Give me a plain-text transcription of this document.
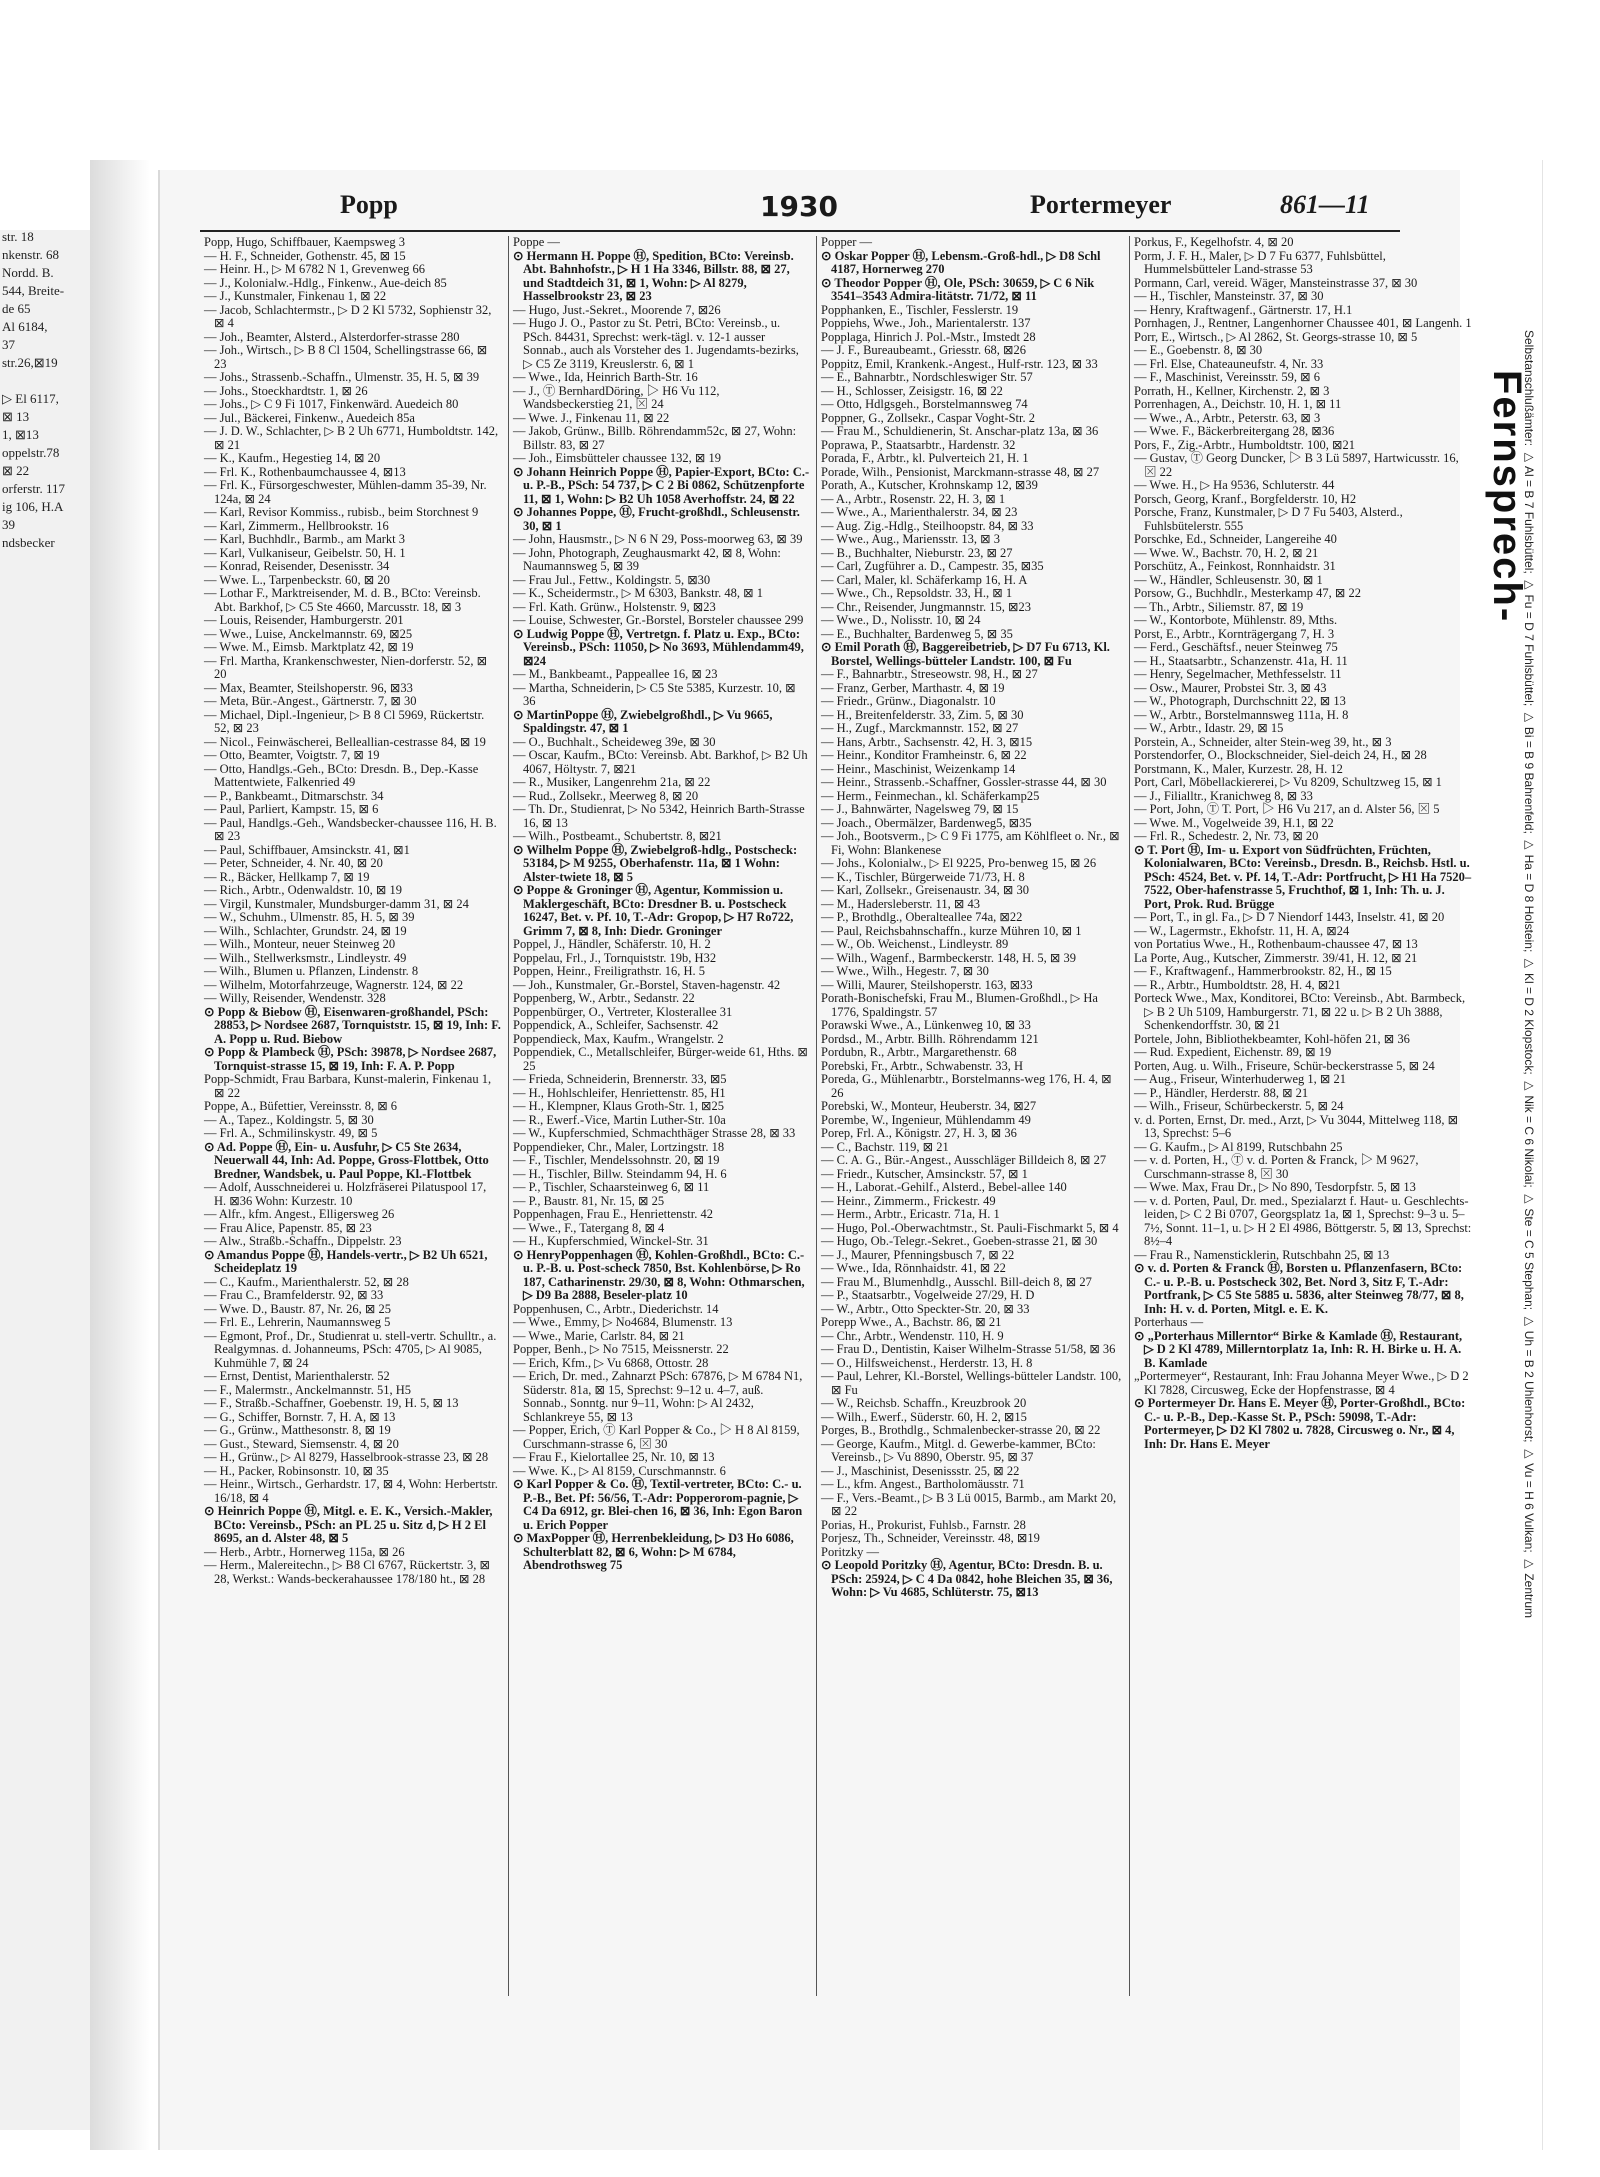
str. 18
nkenstr. 68
Nordd. B.
544, Breite-
de 65
Al 6184,
37
str.26,⊠19
▷ El 6117,
⊠ 13
1, ⊠13
oppelstr.78
⊠ 22
orferstr. 117
ig 106, H.A
39
ndsbecker
Popp	1930	Portermeyer	861—11
Popp, Hugo, Schiffbauer, Kaempsweg 3
— H. F., Schneider, Gothenstr. 45, ⊠ 15
— Heinr. H., ▷ M 6782 N 1, Grevenweg 66
— J., Kolonialw.-Hdlg., Finkenw., Aue-deich 85
— J., Kunstmaler, Finkenau 1, ⊠ 22
— Jacob, Schlachtermstr., ▷ D 2 Kl 5732, Sophienstr 32, ⊠ 4
— Joh., Beamter, Alsterd., Alsterdorfer-strasse 280
— Joh., Wirtsch., ▷ B 8 Cl 1504, Schellingstrasse 66, ⊠ 23
— Johs., Strassenb.-Schaffn., Ulmenstr. 35, H. 5, ⊠ 39
— Johs., Stoeckhardtstr. 1, ⊠ 26
— Johs., ▷ C 9 Fi 1017, Finkenwärd. Auedeich 80
— Jul., Bäckerei, Finkenw., Auedeich 85a
— J. D. W., Schlachter, ▷ B 2 Uh 6771, Humboldtstr. 142, ⊠ 21
— K., Kaufm., Hegestieg 14, ⊠ 20
— Frl. K., Rothenbaumchaussee 4, ⊠13
— Frl. K., Fürsorgeschwester, Mühlen-damm 35-39, Nr. 124a, ⊠ 24
— Karl, Revisor Kommiss., rubisb., beim Storchnest 9
— Karl, Zimmerm., Hellbrookstr. 16
— Karl, Buchhdlr., Barmb., am Markt 3
— Karl, Vulkaniseur, Geibelstr. 50, H. 1
— Konrad, Reisender, Desenisstr. 34
— Wwe. L., Tarpenbeckstr. 60, ⊠ 20
— Lothar F., Marktreisender, M. d. B., BCto: Vereinsb. Abt. Barkhof, ▷ C5 Ste 4660, Marcusstr. 18, ⊠ 3
— Louis, Reisender, Hamburgerstr. 201
— Wwe., Luise, Anckelmannstr. 69, ⊠25
— Wwe. M., Eimsb. Marktplatz 42, ⊠ 19
— Frl. Martha, Krankenschwester, Nien-dorferstr. 52, ⊠ 20
— Max, Beamter, Steilshoperstr. 96, ⊠33
— Meta, Bür.-Angest., Gärtnerstr. 7, ⊠ 30
— Michael, Dipl.-Ingenieur, ▷ B 8 Cl 5969, Rückertstr. 52, ⊠ 23
— Nicol., Feinwäscherei, Belleallian-cestrasse 84, ⊠ 19
— Otto, Beamter, Voigtstr. 7, ⊠ 19
— Otto, Handlgs.-Geh., BCto: Dresdn. B., Dep.-Kasse Mattentwiete, Falkenried 49
— P., Bankbeamt., Ditmarschstr. 34
— Paul, Parliert, Kampstr. 15, ⊠ 6
— Paul, Handlgs.-Geh., Wandsbecker-chaussee 116, H. B. ⊠ 23
— Paul, Schiffbauer, Amsinckstr. 41, ⊠1
— Peter, Schneider, 4. Nr. 40, ⊠ 20
— R., Bäcker, Hellkamp 7, ⊠ 19
— Rich., Arbtr., Odenwaldstr. 10, ⊠ 19
— Virgil, Kunstmaler, Mundsburger-damm 31, ⊠ 24
— W., Schuhm., Ulmenstr. 85, H. 5, ⊠ 39
— Wilh., Schlachter, Grundstr. 24, ⊠ 19
— Wilh., Monteur, neuer Steinweg 20
— Wilh., Stellwerksmstr., Lindleystr. 49
— Wilh., Blumen u. Pflanzen, Lindenstr. 8
— Wilhelm, Motorfahrzeuge, Wagnerstr. 124, ⊠ 22
— Willy, Reisender, Wendenstr. 328
⊙ Popp & Biebow Ⓗ, Eisenwaren-großhandel, PSch: 28853, ▷ Nordsee 2687, Tornquiststr. 15, ⊠ 19, Inh: F. A. Popp u. Rud. Biebow
⊙ Popp & Plambeck Ⓗ, PSch: 39878, ▷ Nordsee 2687, Tornquist-strasse 15, ⊠ 19, Inh: F. A. P. Popp
Popp-Schmidt, Frau Barbara, Kunst-malerin, Finkenau 1, ⊠ 22
Poppe, A., Büfettier, Vereinsstr. 8, ⊠ 6
— A., Tapez., Koldingstr. 5, ⊠ 30
— Frl. A., Schmilinskystr. 49, ⊠ 5
⊙ Ad. Poppe Ⓗ, Ein- u. Ausfuhr, ▷ C5 Ste 2634, Neuerwall 44, Inh: Ad. Poppe, Gross-Flottbek, Otto Bredner, Wandsbek, u. Paul Poppe, Kl.-Flottbek
— Adolf, Ausschneiderei u. Holzfräserei Pilatuspool 17, H. ⊠36 Wohn: Kurzestr. 10
— Alfr., kfm. Angest., Elligersweg 26
— Frau Alice, Papenstr. 85, ⊠ 23
— Alw., Straßb.-Schaffn., Dippelstr. 23
⊙ Amandus Poppe Ⓗ, Handels-vertr., ▷ B2 Uh 6521, Scheideplatz 19
— C., Kaufm., Marienthalerstr. 52, ⊠ 28
— Frau C., Bramfelderstr. 92, ⊠ 33
— Wwe. D., Baustr. 87, Nr. 26, ⊠ 25
— Frl. E., Lehrerin, Naumannsweg 5
— Egmont, Prof., Dr., Studienrat u. stell-vertr. Schulltr., a. Realgymnas. d. Johanneums, PSch: 4705, ▷ Al 9085, Kuhmühle 7, ⊠ 24
— Ernst, Dentist, Marienthalerstr. 52
— F., Malermstr., Anckelmannstr. 51, H5
— F., Straßb.-Schaffner, Goebenstr. 19, H. 5, ⊠ 13
— G., Schiffer, Bornstr. 7, H. A, ⊠ 13
— G., Grünw., Matthesonstr. 8, ⊠ 19
— Gust., Steward, Siemsenstr. 4, ⊠ 20
— H., Grünw., ▷ Al 8279, Hasselbrook-strasse 23, ⊠ 28
— H., Packer, Robinsonstr. 10, ⊠ 35
— Heinr., Wirtsch., Gerhardstr. 17, ⊠ 4, Wohn: Herbertstr. 16/18, ⊠ 4
⊙ Heinrich Poppe Ⓗ, Mitgl. e. E. K., Versich.-Makler, BCto: Vereinsb., PSch: an PL 25 u. Sitz d, ▷ H 2 El 8695, an d. Alster 48, ⊠ 5
— Herb., Arbtr., Hornerweg 115a, ⊠ 26
— Herm., Malereitechn., ▷ B8 Cl 6767, Rückertstr. 3, ⊠ 28, Werkst.: Wands-beckerahaussee 178/180 ht., ⊠ 28
Poppe —
⊙ Hermann H. Poppe Ⓗ, Spedition, BCto: Vereinsb. Abt. Bahnhofstr., ▷ H 1 Ha 3346, Billstr. 88, ⊠ 27, und Stadtdeich 31, ⊠ 1, Wohn: ▷ Al 8279, Hasselbrookstr 23, ⊠ 23
— Hugo, Just.-Sekret., Moorende 7, ⊠26
— Hugo J. O., Pastor zu St. Petri, BCto: Vereinsb., u. PSch. 84431, Sprechst: werk-tägl. v. 12-1 ausser Sonnab., auch als Vorsteher des 1. Jugendamts-bezirks, ▷ C5 Ze 3119, Kreuslerstr. 6, ⊠ 1
— Wwe., Ida, Heinrich Barth-Str. 16
— J., Ⓣ BernhardDöring, ▷ H6 Vu 112, Wandsbeckerstieg 21, ⊠ 24
— Wwe. J., Finkenau 11, ⊠ 22
— Jakob, Grünw., Billb. Röhrendamm52c, ⊠ 27, Wohn: Billstr. 83, ⊠ 27
— Joh., Eimsbütteler chaussee 132, ⊠ 19
⊙ Johann Heinrich Poppe Ⓗ, Papier-Export, BCto: C.- u. P.-B., PSch: 54 737, ▷ C 2 Bi 0862, Schützenpforte 11, ⊠ 1, Wohn: ▷ B2 Uh 1058 Averhoffstr. 24, ⊠ 22
⊙ Johannes Poppe, Ⓗ, Frucht-großhdl., Schleusenstr. 30, ⊠ 1
— John, Hausmstr., ▷ N 6 N 29, Poss-moorweg 63, ⊠ 39
— John, Photograph, Zeughausmarkt 42, ⊠ 8, Wohn: Naumannsweg 5, ⊠ 39
— Frau Jul., Fettw., Koldingstr. 5, ⊠30
— K., Scheidermstr., ▷ M 6303, Bankstr. 48, ⊠ 1
— Frl. Kath. Grünw., Holstenstr. 9, ⊠23
— Louise, Schwester, Gr.-Borstel, Borsteler chaussee 299
⊙ Ludwig Poppe Ⓗ, Vertretgn. f. Platz u. Exp., BCto: Vereinsb., PSch: 11050, ▷ No 3693, Mühlendamm49, ⊠24
— M., Bankbeamt., Pappeallee 16, ⊠ 23
— Martha, Schneiderin, ▷ C5 Ste 5385, Kurzestr. 10, ⊠ 36
⊙ MartinPoppe Ⓗ, Zwiebelgroßhdl., ▷ Vu 9665, Spaldingstr. 47, ⊠ 1
— O., Buchhalt., Scheideweg 39e, ⊠ 30
— Oscar, Kaufm., BCto: Vereinsb. Abt. Barkhof, ▷ B2 Uh 4067, Höltystr. 7, ⊠21
— R., Musiker, Langenrehm 21a, ⊠ 22
— Rud., Zollsekr., Meerweg 8, ⊠ 20
— Th. Dr., Studienrat, ▷ No 5342, Heinrich Barth-Strasse 16, ⊠ 13
— Wilh., Postbeamt., Schubertstr. 8, ⊠21
⊙ Wilhelm Poppe Ⓗ, Zwiebelgroß-hdlg., Postscheck: 53184, ▷ M 9255, Oberhafenstr. 11a, ⊠ 1 Wohn: Alster-twiete 18, ⊠ 5
⊙ Poppe & Groninger Ⓗ, Agentur, Kommission u. Maklergeschäft, BCto: Dresdner B. u. Postscheck 16247, Bet. v. Pf. 10, T.-Adr: Gropop, ▷ H7 Ro722, Grimm 7, ⊠ 8, Inh: Diedr. Groninger
Poppel, J., Händler, Schäferstr. 10, H. 2
Poppelau, Frl., J., Tornquiststr. 19b, H32
Poppen, Heinr., Freiligrathstr. 16, H. 5
— Joh., Kunstmaler, Gr.-Borstel, Staven-hagenstr. 42
Poppenberg, W., Arbtr., Sedanstr. 22
Poppenbürger, O., Vertreter, Klosterallee 31
Poppendick, A., Schleifer, Sachsenstr. 42
Poppendieck, Max, Kaufm., Wrangelstr. 2
Poppendiek, C., Metallschleifer, Bürger-weide 61, Hths. ⊠ 25
— Frieda, Schneiderin, Brennerstr. 33, ⊠5
— H., Hohlschleifer, Henriettenstr. 85, H1
— H., Klempner, Klaus Groth-Str. 1, ⊠25
— R., Ewerf.-Vice, Martin Luther-Str. 10a
— W., Kupferschmied, Schmachthäger Strasse 28, ⊠ 33
Poppendieker, Chr., Maler, Lortzingstr. 18
— F., Tischler, Mendelssohnstr. 20, ⊠ 19
— H., Tischler, Billw. Steindamm 94, H. 6
— P., Tischler, Schaarsteinweg 6, ⊠ 11
— P., Baustr. 81, Nr. 15, ⊠ 25
Poppenhagen, Frau E., Henriettenstr. 42
— Wwe., F., Tatergang 8, ⊠ 4
— H., Kupferschmied, Winckel-Str. 31
⊙ HenryPoppenhagen Ⓗ, Kohlen-Großhdl., BCto: C.- u. P.-B. u. Post-scheck 7850, Bst. Kohlenbörse, ▷ Ro 187, Catharinenstr. 29/30, ⊠ 8, Wohn: Othmarschen, ▷ D9 Ba 2888, Beseler-platz 10
Poppenhusen, C., Arbtr., Diederichstr. 14
— Wwe., Emmy, ▷ No4684, Blumenstr. 13
— Wwe., Marie, Carlstr. 84, ⊠ 21
Popper, Benh., ▷ No 7515, Meissnerstr. 22
— Erich, Kfm., ▷ Vu 6868, Ottostr. 28
— Erich, Dr. med., Zahnarzt PSch: 67876, ▷ M 6784 N1, Süderstr. 81a, ⊠ 15, Sprechst: 9–12 u. 4–7, auß. Sonnab., Sonntg. nur 9–11, Wohn: ▷ Al 2432, Schlankreye 55, ⊠ 13
— Popper, Erich, Ⓣ Karl Popper & Co., ▷ H 8 Al 8159, Curschmann-strasse 6, ⊠ 30
— Frau F., Kielortallee 25, Nr. 10, ⊠ 13
— Wwe. K., ▷ Al 8159, Curschmannstr. 6
⊙ Karl Popper & Co. Ⓗ, Textil-vertreter, BCto: C.- u. P.-B., Bet. Pf: 56/56, T.-Adr: Popperorom-pagnie, ▷ C4 Da 6912, gr. Blei-chen 16, ⊠ 36, Inh: Egon Baron u. Erich Popper
⊙ MaxPopper Ⓗ, Herrenbekleidung, ▷ D3 Ho 6086, Schulterblatt 82, ⊠ 6, Wohn: ▷ M 6784, Abendrothsweg 75
Popper —
⊙ Oskar Popper Ⓗ, Lebensm.-Groß-hdl., ▷ D8 Schl 4187, Hornerweg 270
⊙ Theodor Popper Ⓗ, Ole, PSch: 30659, ▷ C 6 Nik 3541–3543 Admira-litätstr. 71/72, ⊠ 11
Popphanken, E., Tischler, Fesslerstr. 19
Poppiehs, Wwe., Joh., Marientalerstr. 137
Popplaga, Hinrich J. Pol.-Mstr., Imstedt 28
— J. F., Bureaubeamt., Griesstr. 68, ⊠26
Poppitz, Emil, Krankenk.-Angest., Hulf-rstr. 123, ⊠ 33
— E., Bahnarbtr., Nordschleswiger Str. 57
— H., Schlosser, Zeisigstr. 16, ⊠ 22
— Otto, Hdlgsgeh., Borstelmannsweg 74
Poppner, G., Zollsekr., Caspar Voght-Str. 2
— Frau M., Schuldienerin, St. Anschar-platz 13a, ⊠ 36
Poprawa, P., Staatsarbtr., Hardenstr. 32
Porada, F., Arbtr., kl. Pulverteich 21, H. 1
Porade, Wilh., Pensionist, Marckmann-strasse 48, ⊠ 27
Porath, A., Kutscher, Krohnskamp 12, ⊠39
— A., Arbtr., Rosenstr. 22, H. 3, ⊠ 1
— Wwe., A., Marienthalerstr. 34, ⊠ 23
— Aug. Zig.-Hdlg., Steilhoopstr. 84, ⊠ 33
— Wwe., Aug., Mariensstr. 13, ⊠ 3
— B., Buchhalter, Nieburstr. 23, ⊠ 27
— Carl, Zugführer a. D., Campestr. 35, ⊠35
— Carl, Maler, kl. Schäferkamp 16, H. A
— Wwe., Ch., Repsoldstr. 33, H., ⊠ 1
— Chr., Reisender, Jungmannstr. 15, ⊠23
— Wwe., D., Nolisstr. 10, ⊠ 24
— E., Buchhalter, Bardenweg 5, ⊠ 35
⊙ Emil Porath Ⓗ, Baggereibetrieb, ▷ D7 Fu 6713, Kl. Borstel, Wellings-bütteler Landstr. 100, ⊠ Fu
— F., Bahnarbtr., Streseowstr. 98, H., ⊠ 27
— Franz, Gerber, Marthastr. 4, ⊠ 19
— Friedr., Grünw., Diagonalstr. 10
— H., Breitenfelderstr. 33, Zim. 5, ⊠ 30
— H., Zugf., Marckmannstr. 152, ⊠ 27
— Hans, Arbtr., Sachsenstr. 42, H. 3, ⊠15
— Heinr., Konditor Framheinstr. 6, ⊠ 22
— Heinr., Maschinist, Weizenkamp 14
— Heinr., Strassenb.-Schaffner, Gossler-strasse 44, ⊠ 30
— Herm., Feinmechan., kl. Schäferkamp25
— J., Bahnwärter, Nagelsweg 79, ⊠ 15
— Joach., Obermälzer, Bardenweg5, ⊠35
— Joh., Bootsverm., ▷ C 9 Fi 1775, am Köhlfleet o. Nr., ⊠ Fi, Wohn: Blankenese
— Johs., Kolonialw., ▷ El 9225, Pro-benweg 15, ⊠ 26
— K., Tischler, Bürgerweide 71/73, H. 8
— Karl, Zollsekr., Greisenaustr. 34, ⊠ 30
— M., Hadersleberstr. 11, ⊠ 43
— P., Brothdlg., Oberalteallee 74a, ⊠22
— Paul, Reichsbahnschaffn., kurze Mühren 10, ⊠ 1
— W., Ob. Weichenst., Lindleystr. 89
— Wilh., Wagenf., Barmbeckerstr. 148, H. 5, ⊠ 39
— Wwe., Wilh., Hegestr. 7, ⊠ 30
— Willi, Maurer, Steilshoperstr. 163, ⊠33
Porath-Bonischefski, Frau M., Blumen-Großhdl., ▷ Ha 1776, Spaldingstr. 57
Porawski Wwe., A., Lünkenweg 10, ⊠ 33
Pordsd., M., Arbtr. Billh. Röhrendamm 121
Pordubn, R., Arbtr., Margarethenstr. 68
Porebski, Fr., Arbtr., Schwabenstr. 33, H
Poreda, G., Mühlenarbtr., Borstelmanns-weg 176, H. 4, ⊠ 26
Porebski, W., Monteur, Heuberstr. 34, ⊠27
Porembe, W., Ingenieur, Mühlendamm 49
Porep, Frl. A., Königstr. 27, H. 3, ⊠ 36
— C., Bachstr. 119, ⊠ 21
— C. A. G., Bür.-Angest., Ausschläger Billdeich 8, ⊠ 27
— Friedr., Kutscher, Amsinckstr. 57, ⊠ 1
— H., Laborat.-Gehilf., Alsterd., Bebel-allee 140
— Heinr., Zimmerm., Frickestr. 49
— Herm., Arbtr., Ericastr. 71a, H. 1
— Hugo, Pol.-Oberwachtmstr., St. Pauli-Fischmarkt 5, ⊠ 4
— Hugo, Ob.-Telegr.-Sekret., Goeben-strasse 21, ⊠ 30
— J., Maurer, Pfenningsbusch 7, ⊠ 22
— Wwe., Ida, Rönnhaidstr. 41, ⊠ 22
— Frau M., Blumenhdlg., Ausschl. Bill-deich 8, ⊠ 27
— P., Staatsarbtr., Vogelweide 27/29, H. D
— W., Arbtr., Otto Speckter-Str. 20, ⊠ 33
Porepp Wwe., A., Bachstr. 86, ⊠ 21
— Chr., Arbtr., Wendenstr. 110, H. 9
— Frau D., Dentistin, Kaiser Wilhelm-Strasse 51/58, ⊠ 36
— O., Hilfsweichenst., Herderstr. 13, H. 8
— Paul, Lehrer, Kl.-Borstel, Wellings-bütteler Landstr. 100, ⊠ Fu
— W., Reichsb. Schaffn., Kreuzbrook 20
— Wilh., Ewerf., Süderstr. 60, H. 2, ⊠15
Porges, B., Brothdlg., Schmalenbecker-strasse 20, ⊠ 22
— George, Kaufm., Mitgl. d. Gewerbe-kammer, BCto: Vereinsb., ▷ Vu 8890, Oberstr. 95, ⊠ 37
— J., Maschinist, Desenissstr. 25, ⊠ 22
— L., kfm. Angest., Bartholomäusstr. 71
— F., Vers.-Beamt., ▷ B 3 Lü 0015, Barmb., am Markt 20, ⊠ 22
Porias, H., Prokurist, Fuhlsb., Farnstr. 28
Porjesz, Th., Schneider, Vereinsstr. 48, ⊠19
Poritzky —
⊙ Leopold Poritzky Ⓗ, Agentur, BCto: Dresdn. B. u. PSch: 25924, ▷ C 4 Da 0842, hohe Bleichen 35, ⊠ 36, Wohn: ▷ Vu 4685, Schlüterstr. 75, ⊠13
Porkus, F., Kegelhofstr. 4, ⊠ 20
Porm, J. F. H., Maler, ▷ D 7 Fu 6377, Fuhlsbüttel, Hummelsbütteler Land-strasse 53
Pormann, Carl, vereid. Wäger, Mansteinstrasse 37, ⊠ 30
— H., Tischler, Mansteinstr. 37, ⊠ 30
— Henry, Kraftwagenf., Gärtnerstr. 17, H.1
Pornhagen, J., Rentner, Langenhorner Chaussee 401, ⊠ Langenh. 1
Porr, E., Wirtsch., ▷ Al 2862, St. Georgs-strasse 10, ⊠ 5
— E., Goebenstr. 8, ⊠ 30
— Frl. Else, Chateauneufstr. 4, Nr. 33
— F., Maschinist, Vereinsstr. 59, ⊠ 6
Porrath, H., Kellner, Kirchenstr. 2, ⊠ 3
Porrenhagen, A., Deichstr. 10, H. 1, ⊠ 11
— Wwe., A., Arbtr., Peterstr. 63, ⊠ 3
— Wwe. F., Bäckerbreitergang 28, ⊠36
Pors, F., Zig.-Arbtr., Humboldtstr. 100, ⊠21
— Gustav, Ⓣ Georg Duncker, ▷ B 3 Lü 5897, Hartwicusstr. 16, ⊠ 22
— Wwe. H., ▷ Ha 9536, Schluterstr. 44
Porsch, Georg, Kranf., Borgfelderstr. 10, H2
Porsche, Franz, Kunstmaler, ▷ D 7 Fu 5403, Alsterd., Fuhlsbütelerstr. 555
Porschke, Ed., Schneider, Langereihe 40
— Wwe. W., Bachstr. 70, H. 2, ⊠ 21
Porschütz, A., Feinkost, Ronnhaidstr. 31
— W., Händler, Schleusenstr. 30, ⊠ 1
Porsow, G., Buchhdlr., Mesterkamp 47, ⊠ 22
— Th., Arbtr., Siliemstr. 87, ⊠ 19
— W., Kontorbote, Mühlenstr. 89, Mths.
Porst, E., Arbtr., Kornträgergang 7, H. 3
— Ferd., Geschäftsf., neuer Steinweg 75
— H., Staatsarbtr., Schanzenstr. 41a, H. 11
— Henry, Segelmacher, Methfesselstr. 11
— Osw., Maurer, Probstei Str. 3, ⊠ 43
— W., Photograph, Durchschnitt 22, ⊠ 13
— W., Arbtr., Borstelmannsweg 111a, H. 8
— W., Arbtr., Idastr. 29, ⊠ 15
Porstein, A., Schneider, alter Stein-weg 39, ht., ⊠ 3
Porstendorfer, O., Blockschneider, Siel-deich 24, H., ⊠ 28
Porstmann, K., Maler, Kurzestr. 28, H. 12
Port, Carl, Möbellackiererei, ▷ Vu 8209, Schultzweg 15, ⊠ 1
— J., Filialltr., Kranichweg 8, ⊠ 33
— Port, John, Ⓣ T. Port, ▷ H6 Vu 217, an d. Alster 56, ⊠ 5
— Wwe. M., Vogelweide 39, H.1, ⊠ 22
— Frl. R., Schedestr. 2, Nr. 73, ⊠ 20
⊙ T. Port Ⓗ, Im- u. Export von Südfrüchten, Früchten, Kolonialwaren, BCto: Vereinsb., Dresdn. B., Reichsb. Hstl. u. PSch: 4524, Bet. v. Pf. 14, T.-Adr: Portfrucht, ▷ H1 Ha 7520–7522, Ober-hafenstrasse 5, Fruchthof, ⊠ 1, Inh: Th. u. J. Port, Prok. Rud. Brügge
— Port, T., in gl. Fa., ▷ D 7 Niendorf 1443, Inselstr. 41, ⊠ 20
— W., Lagermstr., Ekhofstr. 11, H. A, ⊠24
von Portatius Wwe., H., Rothenbaum-chaussee 47, ⊠ 13
La Porte, Aug., Kutscher, Zimmerstr. 39/41, H. 12, ⊠ 21
— F., Kraftwagenf., Hammerbrookstr. 82, H., ⊠ 15
— R., Arbtr., Humboldtstr. 28, H. 4, ⊠21
Porteck Wwe., Max, Konditorei, BCto: Vereinsb., Abt. Barmbeck, ▷ B 2 Uh 5109, Hamburgerstr. 71, ⊠ 22 u. ▷ B 2 Uh 3888, Schenkendorffstr. 30, ⊠ 21
Portele, John, Bibliothekbeamter, Kohl-höfen 21, ⊠ 36
— Rud. Expedient, Eichenstr. 89, ⊠ 19
Porten, Aug. u. Wilh., Friseure, Schür-beckerstrasse 5, ⊠ 24
— Aug., Friseur, Winterhuderweg 1, ⊠ 21
— P., Händler, Herderstr. 88, ⊠ 21
— Wilh., Friseur, Schürbeckerstr. 5, ⊠ 24
v. d. Porten, Ernst, Dr. med., Arzt, ▷ Vu 3044, Mittelweg 118, ⊠ 13, Sprechst: 5–6
— G. Kaufm., ▷ Al 8199, Rutschbahn 25
— v. d. Porten, H., Ⓣ v. d. Porten & Franck, ▷ M 9627, Curschmann-strasse 8, ⊠ 30
— Wwe. Max, Frau Dr., ▷ No 890, Tesdorpfstr. 5, ⊠ 13
— v. d. Porten, Paul, Dr. med., Spezialarzt f. Haut- u. Geschlechts-leiden, ▷ C 2 Bi 0707, Georgsplatz 1a, ⊠ 1, Sprechst: 9–3 u. 5–7½, Sonnt. 11–1, u. ▷ H 2 El 4986, Böttgerstr. 5, ⊠ 13, Sprechst: 8½–4
— Frau R., Namensticklerin, Rutschbahn 25, ⊠ 13
⊙ v. d. Porten & Franck Ⓗ, Borsten u. Pflanzenfasern, BCto: C.- u. P.-B. u. Postscheck 302, Bet. Nord 3, Sitz F, T.-Adr: Portfrank, ▷ C5 Ste 5885 u. 5836, alter Steinweg 78/77, ⊠ 8, Inh: H. v. d. Porten, Mitgl. e. E. K.
Porterhaus —
⊙ „Porterhaus Millerntor“ Birke & Kamlade Ⓗ, Restaurant, ▷ D 2 Kl 4789, Millerntorplatz 1a, Inh: R. H. Birke u. H. A. B. Kamlade
„Portermeyer“, Restaurant, Inh: Frau Johanna Meyer Wwe., ▷ D 2 Kl 7828, Circusweg, Ecke der Hopfenstrasse, ⊠ 4
⊙ Portermeyer Dr. Hans E. Meyer Ⓗ, Porter-Großhdl., BCto: C.- u. P.-B., Dep.-Kasse St. P., PSch: 59098, T.-Adr: Portermeyer, ▷ D2 Kl 7802 u. 7828, Circusweg o. Nr., ⊠ 4, Inh: Dr. Hans E. Meyer
Fernsprech-
Selbstanschlußämter: ▷ Al = B 7 Fuhlsbüttel; ▷ Fu = D 7 Fuhlsbüttel; ▷ Bi = B 9 Bahrenfeld; ▷ Ha = D 8 Holstein; ▷ Kl = D 2 Klopstock; ▷ Nik = C 6 Nikolai; ▷ Ste = C 5 Stephan; ▷ Uh = B 2 Uhlenhorst; ▷ Vu = H 6 Vulkan; ▷ Zentrum
